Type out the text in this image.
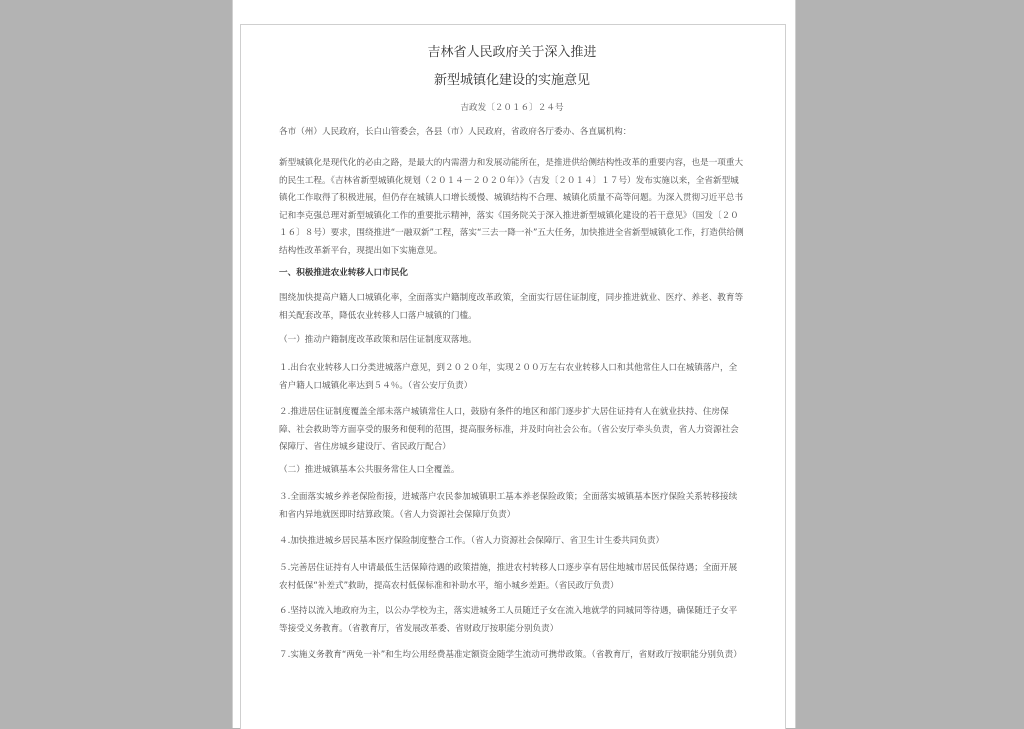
吉林省人民政府关于深入推进
新型城镇化建设的实施意见
吉政发〔２０１６〕２４号

各市（州）人民政府，长白山管委会，各县（市）人民政府，省政府各厅委办、各直属机构：

新型城镇化是现代化的必由之路，是最大的内需潜力和发展动能所在，是推进供给侧结构性改革的重要内容，也是一项重大的民生工程。《吉林省新型城镇化规划（２０１４－２０２０年）》（吉发〔２０１４〕１７号）发布实施以来，全省新型城镇化工作取得了积极进展，但仍存在城镇人口增长缓慢、城镇结构不合理、城镇化质量不高等问题。为深入贯彻习近平总书记和李克强总理对新型城镇化工作的重要批示精神，落实《国务院关于深入推进新型城镇化建设的若干意见》（国发〔２０１６〕８号）要求，围绕推进“一融双新”工程，落实“三去一降一补”五大任务，加快推进全省新型城镇化工作，打造供给侧结构性改革新平台，现提出如下实施意见。

一、积极推进农业转移人口市民化

围绕加快提高户籍人口城镇化率，全面落实户籍制度改革政策，全面实行居住证制度，同步推进就业、医疗、养老、教育等相关配套改革，降低农业转移人口落户城镇的门槛。

（一）推动户籍制度改革政策和居住证制度双落地。

１.出台农业转移人口分类进城落户意见，到２０２０年，实现２００万左右农业转移人口和其他常住人口在城镇落户，全省户籍人口城镇化率达到５４％。（省公安厅负责）

２.推进居住证制度覆盖全部未落户城镇常住人口，鼓励有条件的地区和部门逐步扩大居住证持有人在就业扶持、住房保障、社会救助等方面享受的服务和便利的范围，提高服务标准，并及时向社会公布。（省公安厅牵头负责，省人力资源社会保障厅、省住房城乡建设厅、省民政厅配合）

（二）推进城镇基本公共服务常住人口全覆盖。

３.全面落实城乡养老保险衔接，进城落户农民参加城镇职工基本养老保险政策；全面落实城镇基本医疗保险关系转移接续和省内异地就医即时结算政策。（省人力资源社会保障厅负责）

４.加快推进城乡居民基本医疗保险制度整合工作。（省人力资源社会保障厅、省卫生计生委共同负责）

５.完善居住证持有人申请最低生活保障待遇的政策措施，推进农村转移人口逐步享有居住地城市居民低保待遇；全面开展农村低保“补差式”救助，提高农村低保标准和补助水平，缩小城乡差距。（省民政厅负责）

６.坚持以流入地政府为主，以公办学校为主，落实进城务工人员随迁子女在流入地就学的同城同等待遇，确保随迁子女平等接受义务教育。（省教育厅，省发展改革委、省财政厅按职能分别负责）

７.实施义务教育“两免一补”和生均公用经费基准定额资金随学生流动可携带政策。（省教育厅，省财政厅按职能分别负责）
